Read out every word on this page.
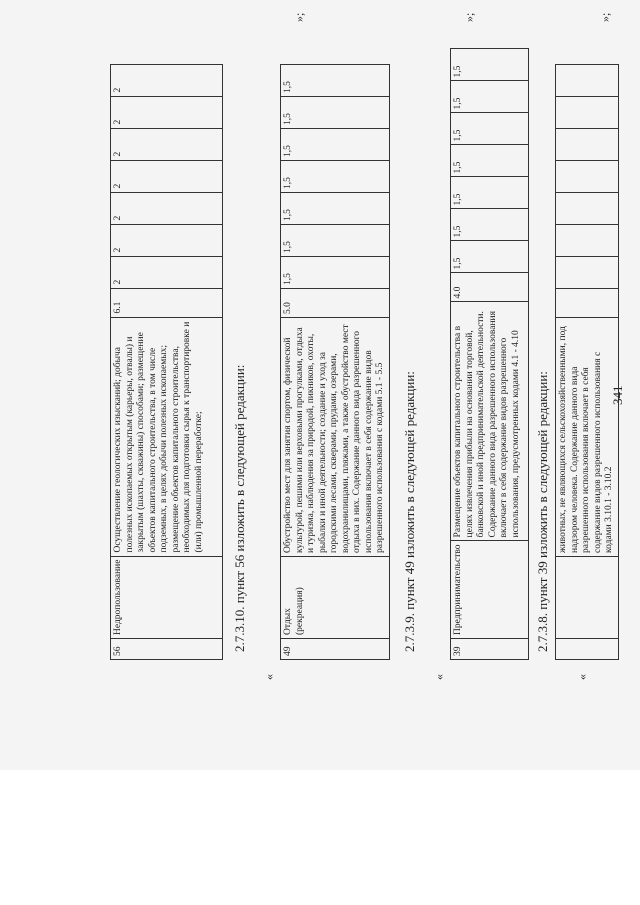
341
		животных, не являющихся сельскохозяйственными, под надзором человека. Содержание данного вида разрешенного использования включает в себя содержание видов разрешенного использования с кодами 3.10.1 - 3.10.2								
»;
«
2.7.3.8. пункт 39 изложить в следующей редакции:
39	Предпринимательство	Размещение объектов капитального строительства в целях извлечения прибыли на основании торговой, банковской и иной предпринимательской деятельности. Содержание данного вида разрешенного использования включает в себя содержание видов разрешенного использования, предусмотренных кодами 4.1 - 4.10	4.0	1,5	1,5	1,5	1,5	1,5	1,5	1,5
»;
«
2.7.3.9. пункт 49 изложить в следующей редакции:
49	Отдых (рекреация)	Обустройство мест для занятия спортом, физической культурой, пешими или верховыми прогулками, отдыха и туризма, наблюдения за природой, пикников, охоты, рыбалки и иной деятельности; создание и уход за городскими лесами, скверами, прудами, озерами, водохранилищами, пляжами, а также обустройство мест отдыха в них. Содержание данного вида разрешенного использования включает в себя содержание видов разрешенного использования с кодами 5.1 - 5.5	5.0	1,5	1,5	1,5	1,5	1,5	1,5	1,5
»;
«
2.7.3.10. пункт 56 изложить в следующей редакции:
56	Недропользование	Осуществление геологических изысканий; добыча полезных ископаемых открытым (карьеры, отвалы) и закрытым (шахты, скважины) способами; размещение объектов капитального строительства, в том числе подземных, в целях добычи полезных ископаемых; размещение объектов капитального строительства, необходимых для подготовки сырья к транспортировке и (или) промышленной переработке;	6.1	2	2	2	2	2	2	2
